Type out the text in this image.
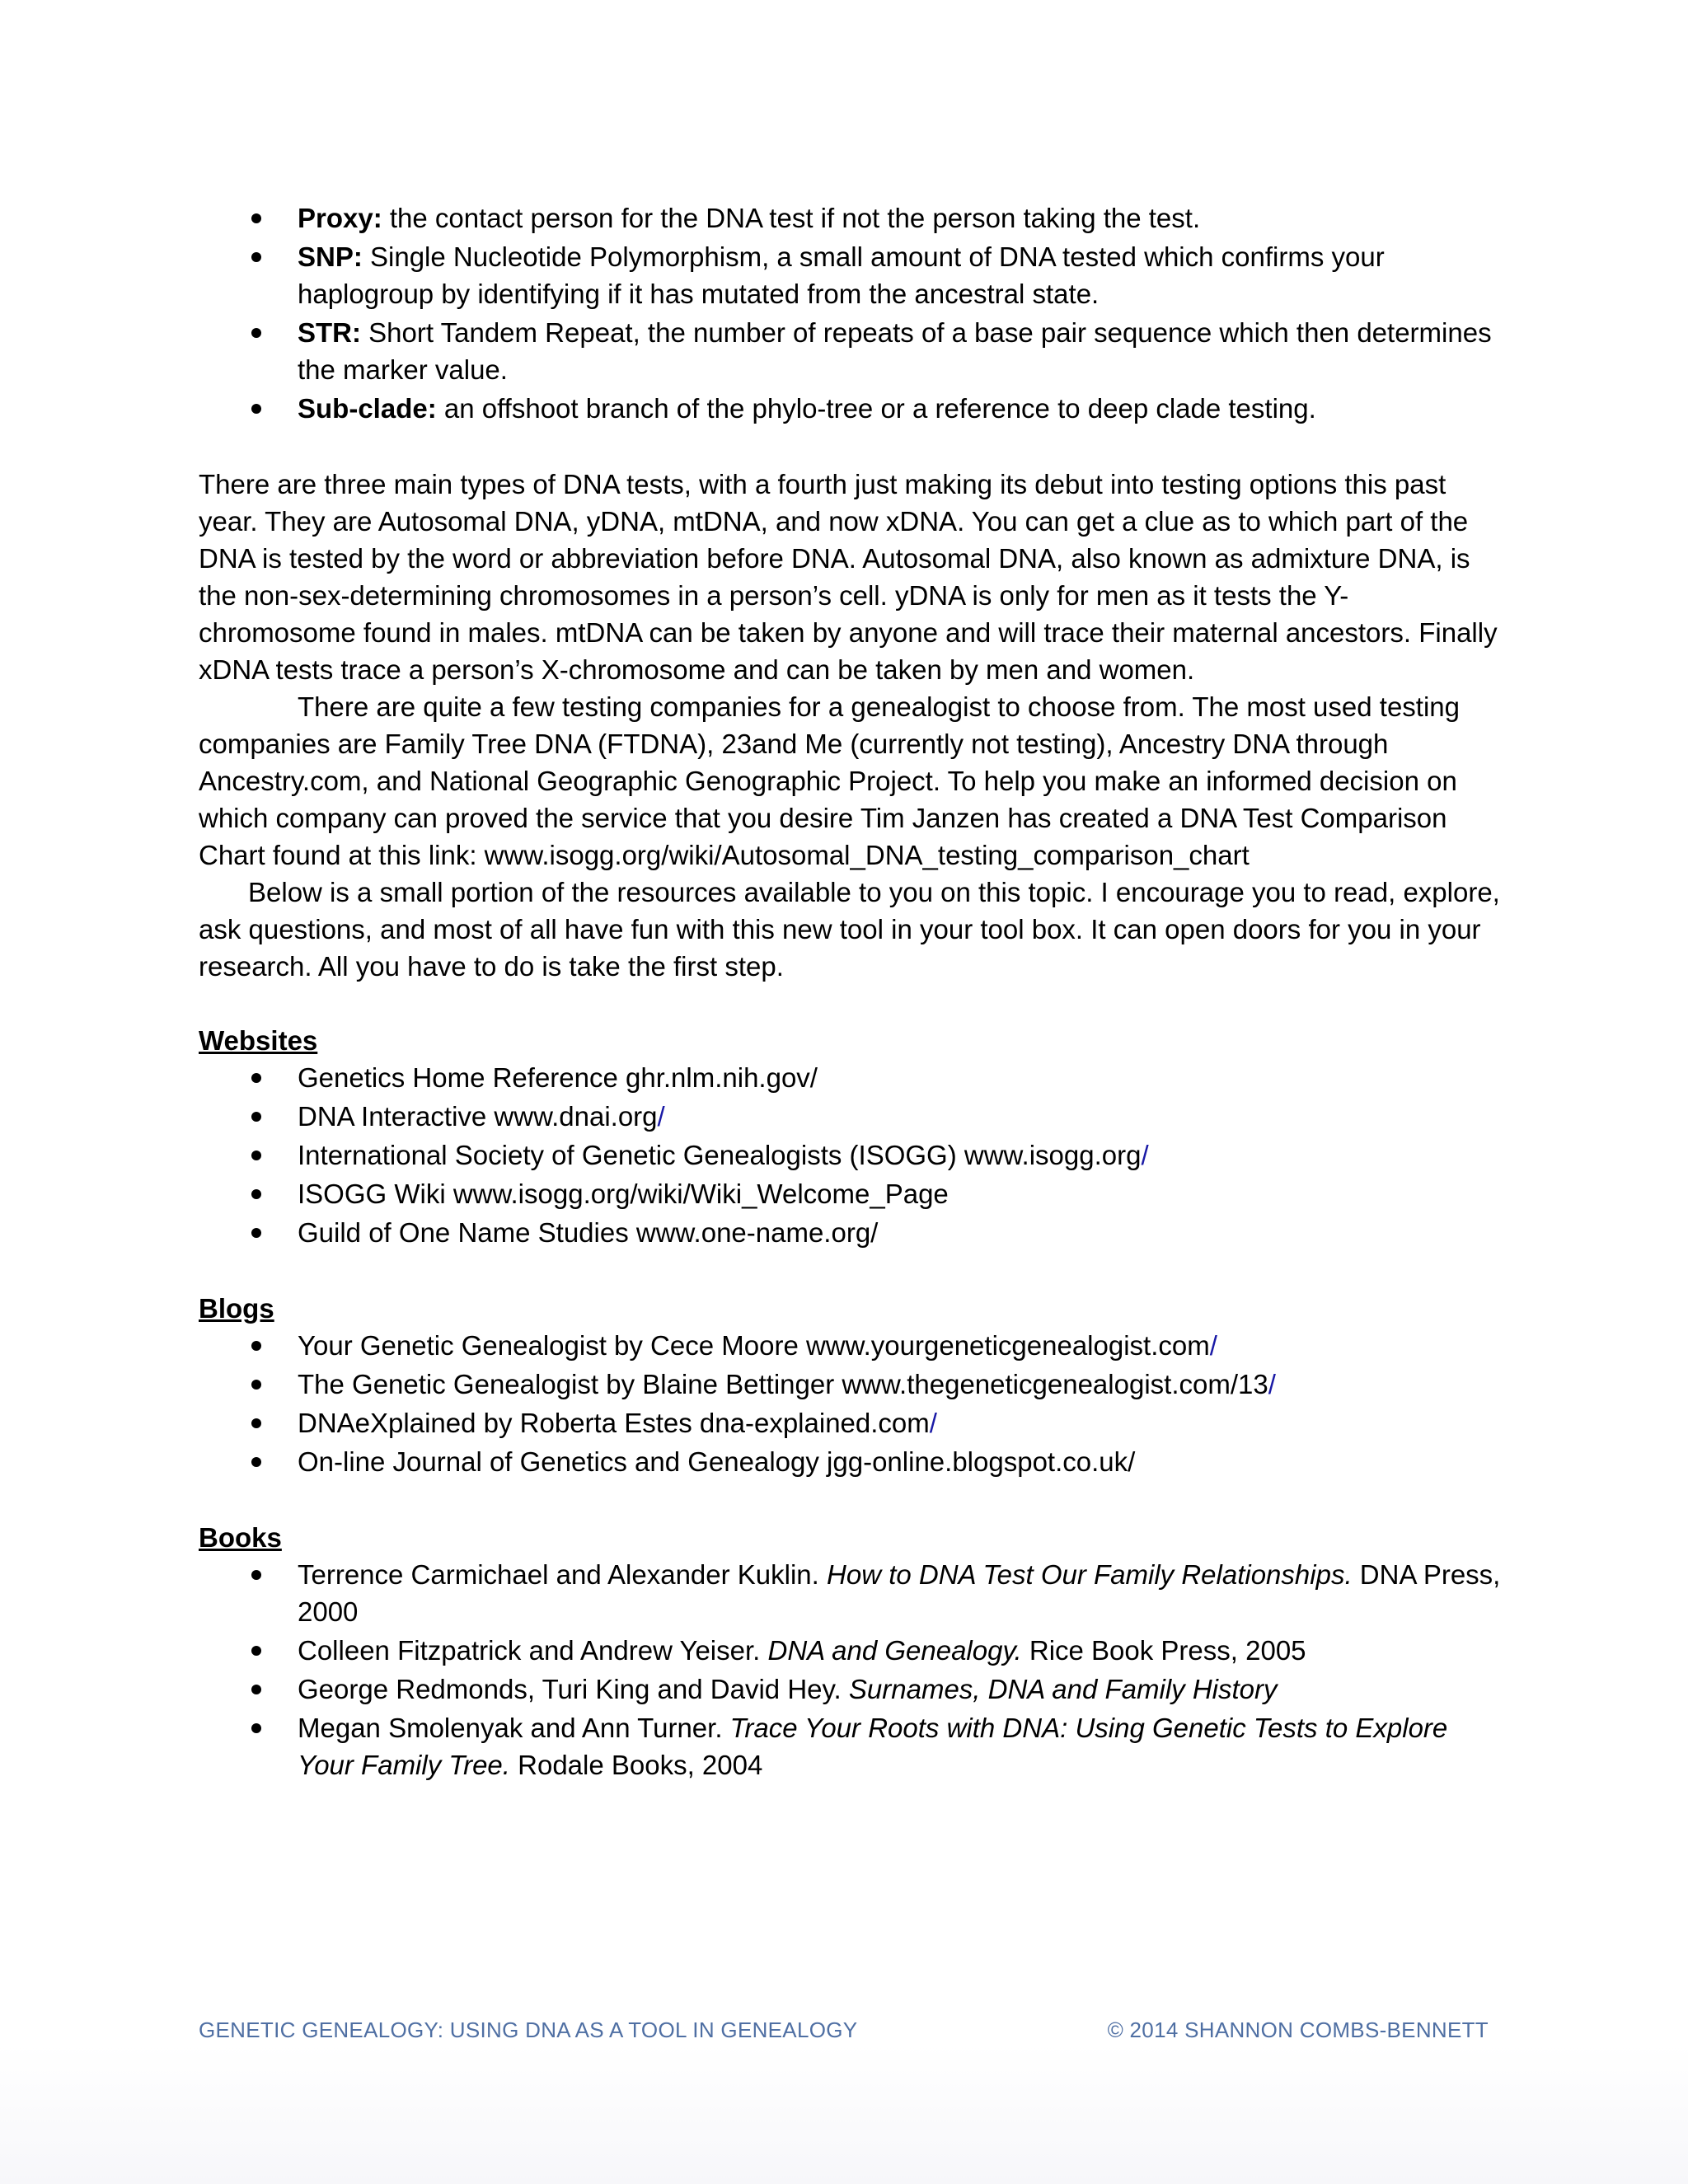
Proxy: the contact person for the DNA test if not the person taking the test.
SNP: Single Nucleotide Polymorphism, a small amount of DNA tested which confirms your haplogroup by identifying if it has mutated from the ancestral state.
STR: Short Tandem Repeat, the number of repeats of a base pair sequence which then determines the marker value.
Sub-clade: an offshoot branch of the phylo-tree or a reference to deep clade testing.

There are three main types of DNA tests, with a fourth just making its debut into testing options this past year. They are Autosomal DNA, yDNA, mtDNA, and now xDNA. You can get a clue as to which part of the DNA is tested by the word or abbreviation before DNA. Autosomal DNA, also known as admixture DNA, is the non-sex-determining chromosomes in a person’s cell. yDNA is only for men as it tests the Y-chromosome found in males. mtDNA can be taken by anyone and will trace their maternal ancestors. Finally xDNA tests trace a person’s X-chromosome and can be taken by men and women.

There are quite a few testing companies for a genealogist to choose from. The most used testing companies are Family Tree DNA (FTDNA), 23and Me (currently not testing), Ancestry DNA through Ancestry.com, and National Geographic Genographic Project. To help you make an informed decision on which company can proved the service that you desire Tim Janzen has created a DNA Test Comparison Chart found at this link: www.isogg.org/wiki/Autosomal_DNA_testing_comparison_chart

Below is a small portion of the resources available to you on this topic. I encourage you to read, explore, ask questions, and most of all have fun with this new tool in your tool box. It can open doors for you in your research. All you have to do is take the first step.

Websites

Genetics Home Reference ghr.nlm.nih.gov/
DNA Interactive www.dnai.org/
International Society of Genetic Genealogists (ISOGG) www.isogg.org/
ISOGG Wiki www.isogg.org/wiki/Wiki_Welcome_Page
Guild of One Name Studies www.one-name.org/

Blogs

Your Genetic Genealogist by Cece Moore www.yourgeneticgenealogist.com/
The Genetic Genealogist by Blaine Bettinger www.thegeneticgenealogist.com/13/
DNAeXplained by Roberta Estes dna-explained.com/
On-line Journal of Genetics and Genealogy jgg-online.blogspot.co.uk/

Books

Terrence Carmichael and Alexander Kuklin. How to DNA Test Our Family Relationships. DNA Press, 2000
Colleen Fitzpatrick and Andrew Yeiser. DNA and Genealogy. Rice Book Press, 2005
George Redmonds, Turi King and David Hey. Surnames, DNA and Family History
Megan Smolenyak and Ann Turner. Trace Your Roots with DNA: Using Genetic Tests to Explore Your Family Tree. Rodale Books, 2004
GENETIC GENEALOGY: USING DNA AS A TOOL IN GENEALOGY	© 2014 SHANNON COMBS-BENNETT
